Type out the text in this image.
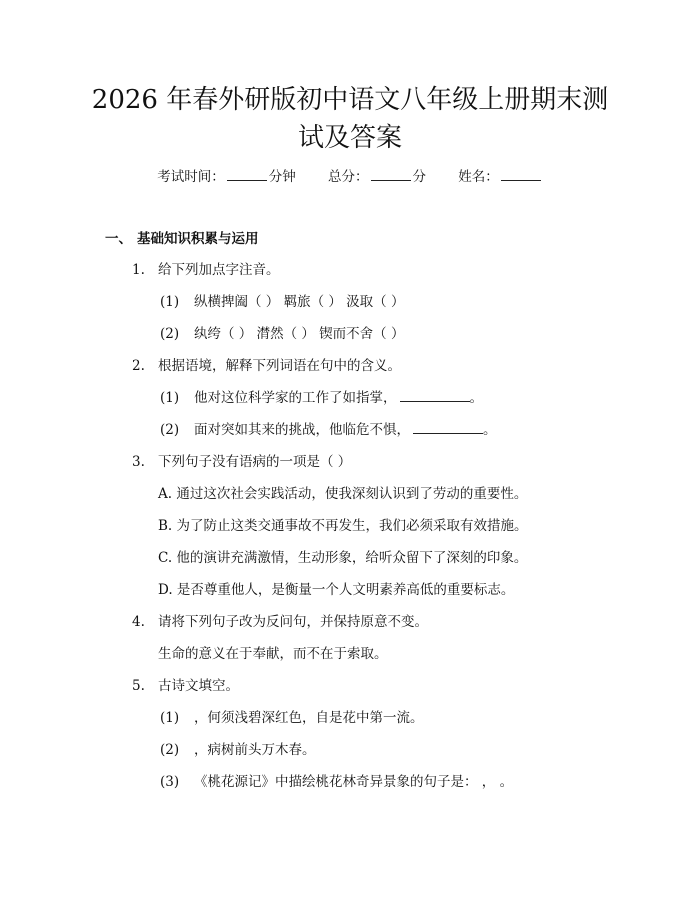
2026 年春外研版初中语文八年级上册期末测
试及答案
考试时间：	分钟 总分：	分 姓名：
一、 基础知识积累与运用
1. 给下列加点字注音。
(1) 纵横捭阖（ ） 羁旅（ ） 汲取（ ）
(2) 纨绔（ ） 潸然（ ） 锲而不舍（ ）
2. 根据语境，解释下列词语在句中的含义。
(1) 他对这位科学家的工作了如指掌，	。
(2) 面对突如其来的挑战，他临危不惧，	。
3. 下列句子没有语病的一项是（ ）
A. 通过这次社会实践活动，使我深刻认识到了劳动的重要性。
B. 为了防止这类交通事故不再发生，我们必须采取有效措施。
C. 他的演讲充满激情，生动形象，给听众留下了深刻的印象。
D. 是否尊重他人，是衡量一个人文明素养高低的重要标志。
4. 请将下列句子改为反问句，并保持原意不变。
生命的意义在于奉献，而不在于索取。
5. 古诗文填空。
(1) ，何须浅碧深红色，自是花中第一流。
(2) ，病树前头万木春。
(3) 《桃花源记》中描绘桃花林奇异景象的句子是： ， 。
